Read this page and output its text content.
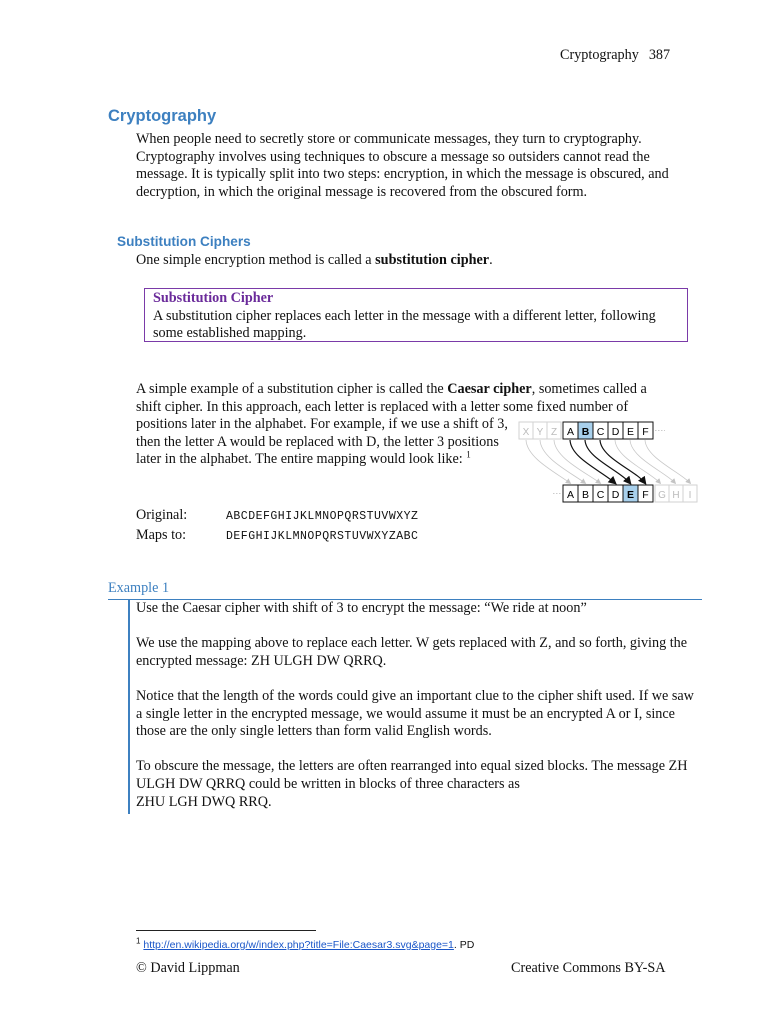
Cryptography 387
Cryptography

When people need to secretly store or communicate messages, they turn to cryptography. Cryptography involves using techniques to obscure a message so outsiders cannot read the message. It is typically split into two steps: encryption, in which the message is obscured, and decryption, in which the original message is recovered from the obscured form.

Substitution Ciphers

One simple encryption method is called a substitution cipher.

Substitution Cipher
A substitution cipher replaces each letter in the message with a different letter, following some established mapping.

A simple example of a substitution cipher is called the Caesar cipher, sometimes called a
shift cipher. In this approach, each letter is replaced with a letter some fixed number of

positions later in the alphabet. For example, if we use a shift of 3, then the letter A would be replaced with D, the letter 3 positions later in the alphabet. The entire mapping would look like: $^1$

Original:	ABCDEFGHIJKLMNOPQRSTUVWXYZ
Maps to:	DEFGHIJKLMNOPQRSTUVWXYZABC
X Y Z A B C D E F
A B C D E F G H I
Example 1

Use the Caesar cipher with shift of 3 to encrypt the message: “We ride at noon”

We use the mapping above to replace each letter. W gets replaced with Z, and so forth, giving the encrypted message: ZH ULGH DW QRRQ.

Notice that the length of the words could give an important clue to the cipher shift used. If we saw a single letter in the encrypted message, we would assume it must be an encrypted A or I, since those are the only single letters than form valid English words.

To obscure the message, the letters are often rearranged into equal sized blocks. The message ZH ULGH DW QRRQ could be written in blocks of three characters as
ZHU LGH DWQ RRQ.

$^1$ http://en.wikipedia.org/w/index.php?title=File:Caesar3.svg&page=1. PD
© David Lippman	Creative Commons BY-SA
